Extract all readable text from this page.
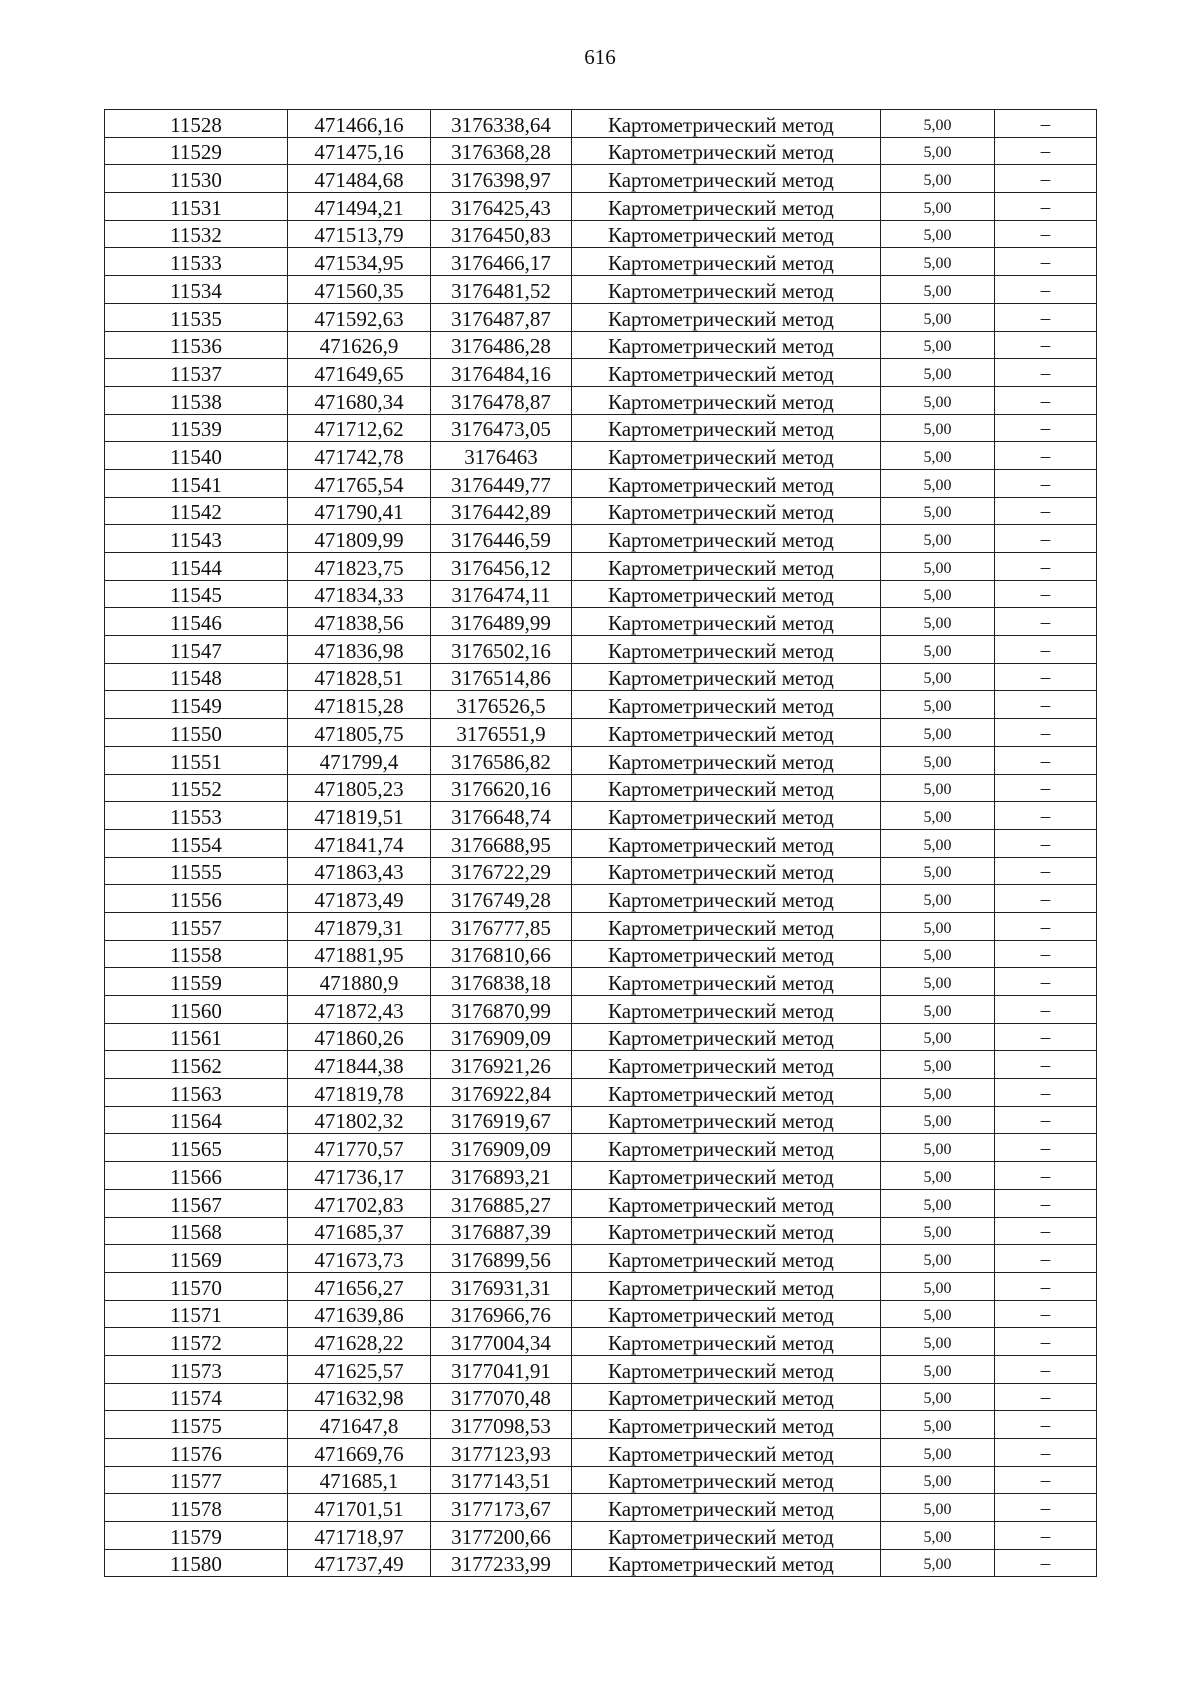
616
11528	471466,16	3176338,64	Картометрический метод	5,00	–
11529	471475,16	3176368,28	Картометрический метод	5,00	–
11530	471484,68	3176398,97	Картометрический метод	5,00	–
11531	471494,21	3176425,43	Картометрический метод	5,00	–
11532	471513,79	3176450,83	Картометрический метод	5,00	–
11533	471534,95	3176466,17	Картометрический метод	5,00	–
11534	471560,35	3176481,52	Картометрический метод	5,00	–
11535	471592,63	3176487,87	Картометрический метод	5,00	–
11536	471626,9	3176486,28	Картометрический метод	5,00	–
11537	471649,65	3176484,16	Картометрический метод	5,00	–
11538	471680,34	3176478,87	Картометрический метод	5,00	–
11539	471712,62	3176473,05	Картометрический метод	5,00	–
11540	471742,78	3176463	Картометрический метод	5,00	–
11541	471765,54	3176449,77	Картометрический метод	5,00	–
11542	471790,41	3176442,89	Картометрический метод	5,00	–
11543	471809,99	3176446,59	Картометрический метод	5,00	–
11544	471823,75	3176456,12	Картометрический метод	5,00	–
11545	471834,33	3176474,11	Картометрический метод	5,00	–
11546	471838,56	3176489,99	Картометрический метод	5,00	–
11547	471836,98	3176502,16	Картометрический метод	5,00	–
11548	471828,51	3176514,86	Картометрический метод	5,00	–
11549	471815,28	3176526,5	Картометрический метод	5,00	–
11550	471805,75	3176551,9	Картометрический метод	5,00	–
11551	471799,4	3176586,82	Картометрический метод	5,00	–
11552	471805,23	3176620,16	Картометрический метод	5,00	–
11553	471819,51	3176648,74	Картометрический метод	5,00	–
11554	471841,74	3176688,95	Картометрический метод	5,00	–
11555	471863,43	3176722,29	Картометрический метод	5,00	–
11556	471873,49	3176749,28	Картометрический метод	5,00	–
11557	471879,31	3176777,85	Картометрический метод	5,00	–
11558	471881,95	3176810,66	Картометрический метод	5,00	–
11559	471880,9	3176838,18	Картометрический метод	5,00	–
11560	471872,43	3176870,99	Картометрический метод	5,00	–
11561	471860,26	3176909,09	Картометрический метод	5,00	–
11562	471844,38	3176921,26	Картометрический метод	5,00	–
11563	471819,78	3176922,84	Картометрический метод	5,00	–
11564	471802,32	3176919,67	Картометрический метод	5,00	–
11565	471770,57	3176909,09	Картометрический метод	5,00	–
11566	471736,17	3176893,21	Картометрический метод	5,00	–
11567	471702,83	3176885,27	Картометрический метод	5,00	–
11568	471685,37	3176887,39	Картометрический метод	5,00	–
11569	471673,73	3176899,56	Картометрический метод	5,00	–
11570	471656,27	3176931,31	Картометрический метод	5,00	–
11571	471639,86	3176966,76	Картометрический метод	5,00	–
11572	471628,22	3177004,34	Картометрический метод	5,00	–
11573	471625,57	3177041,91	Картометрический метод	5,00	–
11574	471632,98	3177070,48	Картометрический метод	5,00	–
11575	471647,8	3177098,53	Картометрический метод	5,00	–
11576	471669,76	3177123,93	Картометрический метод	5,00	–
11577	471685,1	3177143,51	Картометрический метод	5,00	–
11578	471701,51	3177173,67	Картометрический метод	5,00	–
11579	471718,97	3177200,66	Картометрический метод	5,00	–
11580	471737,49	3177233,99	Картометрический метод	5,00	–
